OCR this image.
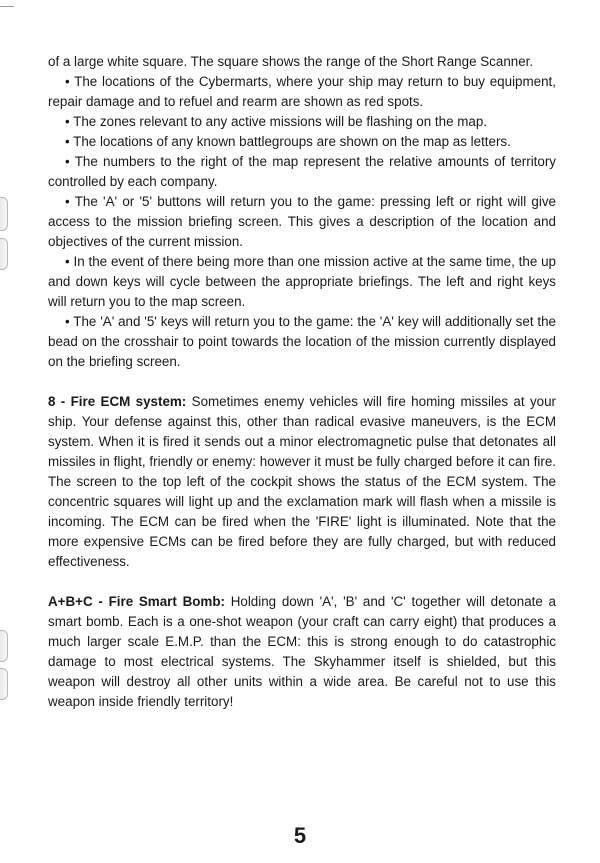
of a large white square. The square shows the range of the Short Range Scanner.

• The locations of the Cybermarts, where your ship may return to buy equipment, repair damage and to refuel and rearm are shown as red spots.

• The zones relevant to any active missions will be flashing on the map.

• The locations of any known battlegroups are shown on the map as letters.

• The numbers to the right of the map represent the relative amounts of territory controlled by each company.

• The 'A' or '5' buttons will return you to the game: pressing left or right will give access to the mission briefing screen. This gives a description of the location and objectives of the current mission.

• In the event of there being more than one mission active at the same time, the up and down keys will cycle between the appropriate briefings. The left and right keys will return you to the map screen.

• The 'A' and '5' keys will return you to the game: the 'A' key will additionally set the bead on the crosshair to point towards the location of the mission currently displayed on the briefing screen.

8 - Fire ECM system: Sometimes enemy vehicles will fire homing missiles at your ship. Your defense against this, other than radical evasive maneuvers, is the ECM system. When it is fired it sends out a minor electromagnetic pulse that detonates all missiles in flight, friendly or enemy: however it must be fully charged before it can fire. The screen to the top left of the cockpit shows the status of the ECM system. The concentric squares will light up and the exclamation mark will flash when a missile is incoming. The ECM can be fired when the 'FIRE' light is illuminated. Note that the more expensive ECMs can be fired before they are fully charged, but with reduced effectiveness.

A+B+C - Fire Smart Bomb: Holding down 'A', 'B' and 'C' together will detonate a smart bomb. Each is a one-shot weapon (your craft can carry eight) that produces a much larger scale E.M.P. than the ECM: this is strong enough to do catastrophic damage to most electrical systems. The Skyhammer itself is shielded, but this weapon will destroy all other units within a wide area. Be careful not to use this weapon inside friendly territory!

5
